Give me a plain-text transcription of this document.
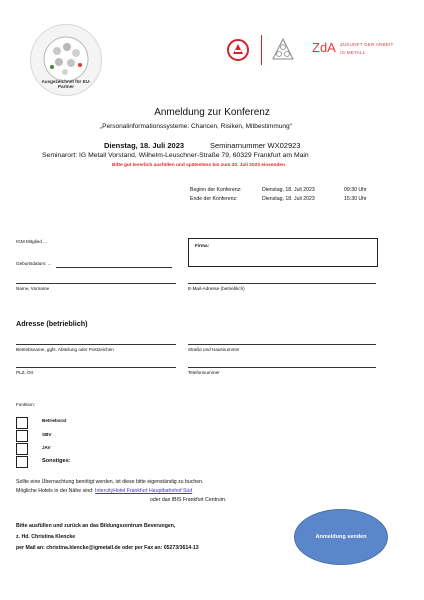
Ausgezeichnet für EU-Partner
ZdA ZUKUNFT DER ARBEIT
IG METALL
Anmeldung zur Konferenz
„Personalinformationssysteme: Chancen, Risiken, Mitbestimmung“
Dienstag, 18. Juli 2023	Seminarnummer WX02923
Seminarort: IG Metall Vorstand, Wilhelm-Leuschner-Straße 79, 60329 Frankfurt am Main
Bitte gut leserlich ausfüllen und spätestens bis zum 30. Juli 2023 einsenden
Beginn der Konferenz:	Dienstag, 18. Juli 2023	09:30 Uhr
Ende der Konferenz:	Dienstag, 18. Juli 2023	15:30 Uhr
IGM Mitglied ...
Firma:
Geburtsdatum: ...
Name, Vorname	E-Mail-Adresse (betrieblich)
Adresse (betrieblich)
Betriebsname, ggfs. Abteilung oder Postzeichen	Straße und Hausnummer
PLZ, Ort	Telefonnummer
Funktion:
Betriebsrat
SBV
JAV
Sonstiges:
Sollte eine Übernachtung benötigt werden, ist diese bitte eigenständig zu buchen.
Mögliche Hotels in der Nähe sind: IntercityHotel Frankfurt Hauptbahnhof Süd
oder das IBIS Frankfurt Centrum.
Bitte ausfüllen und zurück an das Bildungszentrum Beverungen,
z. Hd. Christina Klencke
per Mail an: christina.klencke@igmetall.de oder per Fax an: 05273/3614-13
Anmeldung senden
